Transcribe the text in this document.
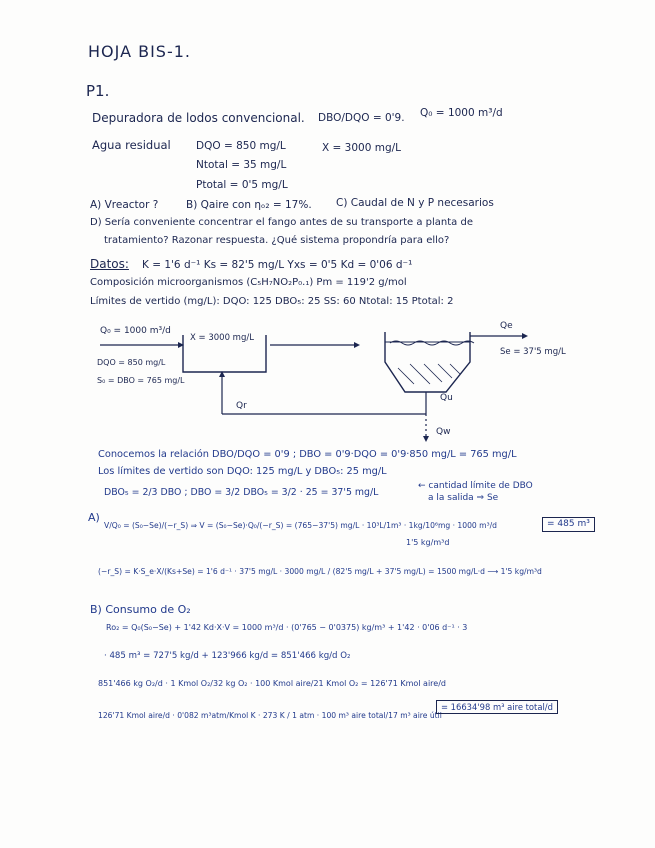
HOJA BIS-1.
P1.
Depuradora de lodos convencional. DBO/DQO = 0'9. Q₀ = 1000 m³/d
Agua residual DQO = 850 mg/L	X = 3000 mg/L
Ntotal = 35 mg/L
Ptotal = 0'5 mg/L
A) Vreactor ?	B) Qaire con ηₒ₂ = 17%. C) Caudal de N y P necesarios
D) Sería conveniente concentrar el fango antes de su transporte a planta de
tratamiento? Razonar respuesta. ¿Qué sistema propondría para ello?
Datos: K = 1'6 d⁻¹ Ks = 82'5 mg/L Yxs = 0'5 Kd = 0'06 d⁻¹
Composición microorganismos (C₅H₇NO₂P₀.₁) Pm = 119'2 g/mol
Límites de vertido (mg/L): DQO: 125 DBO₅: 25 SS: 60 Ntotal: 15 Ptotal: 2
Q₀ = 1000 m³/d
DQO = 850 mg/L
S₀ = DBO = 765 mg/L
X = 3000 mg/L
Qe
Se = 37'5 mg/L
Qu
Qr
Qw
Conocemos la relación DBO/DQO = 0'9 ; DBO = 0'9·DQO = 0'9·850 mg/L = 765 mg/L
Los límites de vertido son DQO: 125 mg/L y DBO₅: 25 mg/L
DBO₅ = 2/3 DBO ; DBO = 3/2 DBO₅ = 3/2 · 25 = 37'5 mg/L
← cantidad límite de DBO
a la salida ⇒ Se
A)
V/Q₀ = (S₀−Se)/(−r_S) ⇒ V = (S₀−Se)·Q₀/(−r_S) = (765−37'5) mg/L · 10³L/1m³ · 1kg/10⁶mg · 1000 m³/d
1'5 kg/m³d
= 485 m³
(−r_S) = K·S_e·X/(Ks+Se) = 1'6 d⁻¹ · 37'5 mg/L · 3000 mg/L / (82'5 mg/L + 37'5 mg/L) = 1500 mg/L·d ⟶ 1'5 kg/m³d
B) Consumo de O₂
Ro₂ = Q₀(S₀−Se) + 1'42 Kd·X·V = 1000 m³/d · (0'765 − 0'0375) kg/m³ + 1'42 · 0'06 d⁻¹ · 3
· 485 m³ = 727'5 kg/d + 123'966 kg/d = 851'466 kg/d O₂
851'466 kg O₂/d · 1 Kmol O₂/32 kg O₂ · 100 Kmol aire/21 Kmol O₂ = 126'71 Kmol aire/d
126'71 Kmol aire/d · 0'082 m³atm/Kmol K · 273 K / 1 atm · 100 m³ aire total/17 m³ aire útil
= 16634'98 m³ aire total/d
